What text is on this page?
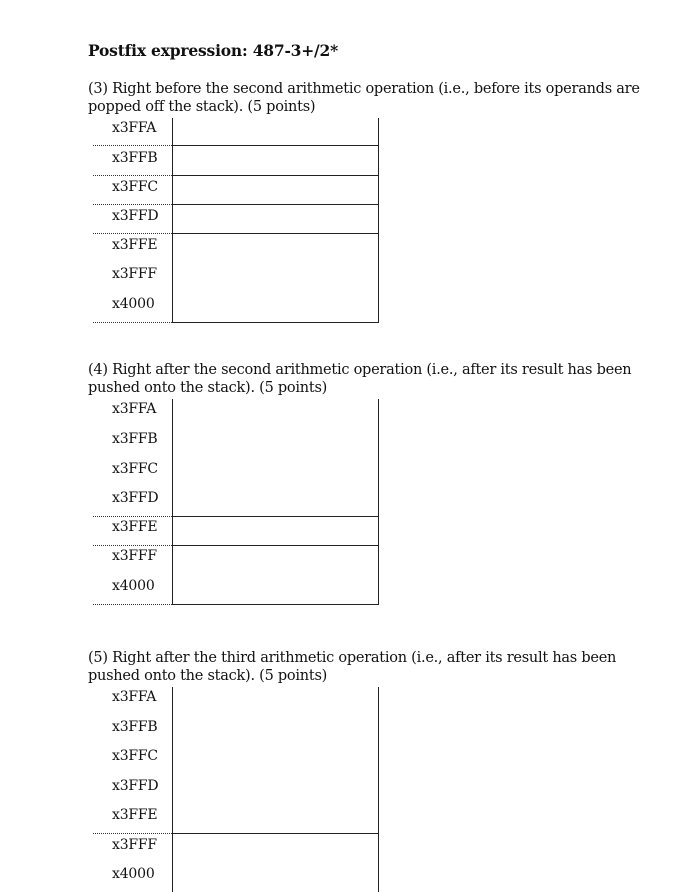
Postfix expression: 487-3+/2*
(3) Right before the second arithmetic operation (i.e., before its operands are popped off the stack). (5 points)
x3FFA
x3FFB
x3FFC
x3FFD
x3FFE
x3FFF
x4000
(4) Right after the second arithmetic operation (i.e., after its result has been pushed onto the stack). (5 points)
x3FFA
x3FFB
x3FFC
x3FFD
x3FFE
x3FFF
x4000
(5) Right after the third arithmetic operation (i.e., after its result has been pushed onto the stack). (5 points)
x3FFA
x3FFB
x3FFC
x3FFD
x3FFE
x3FFF
x4000
